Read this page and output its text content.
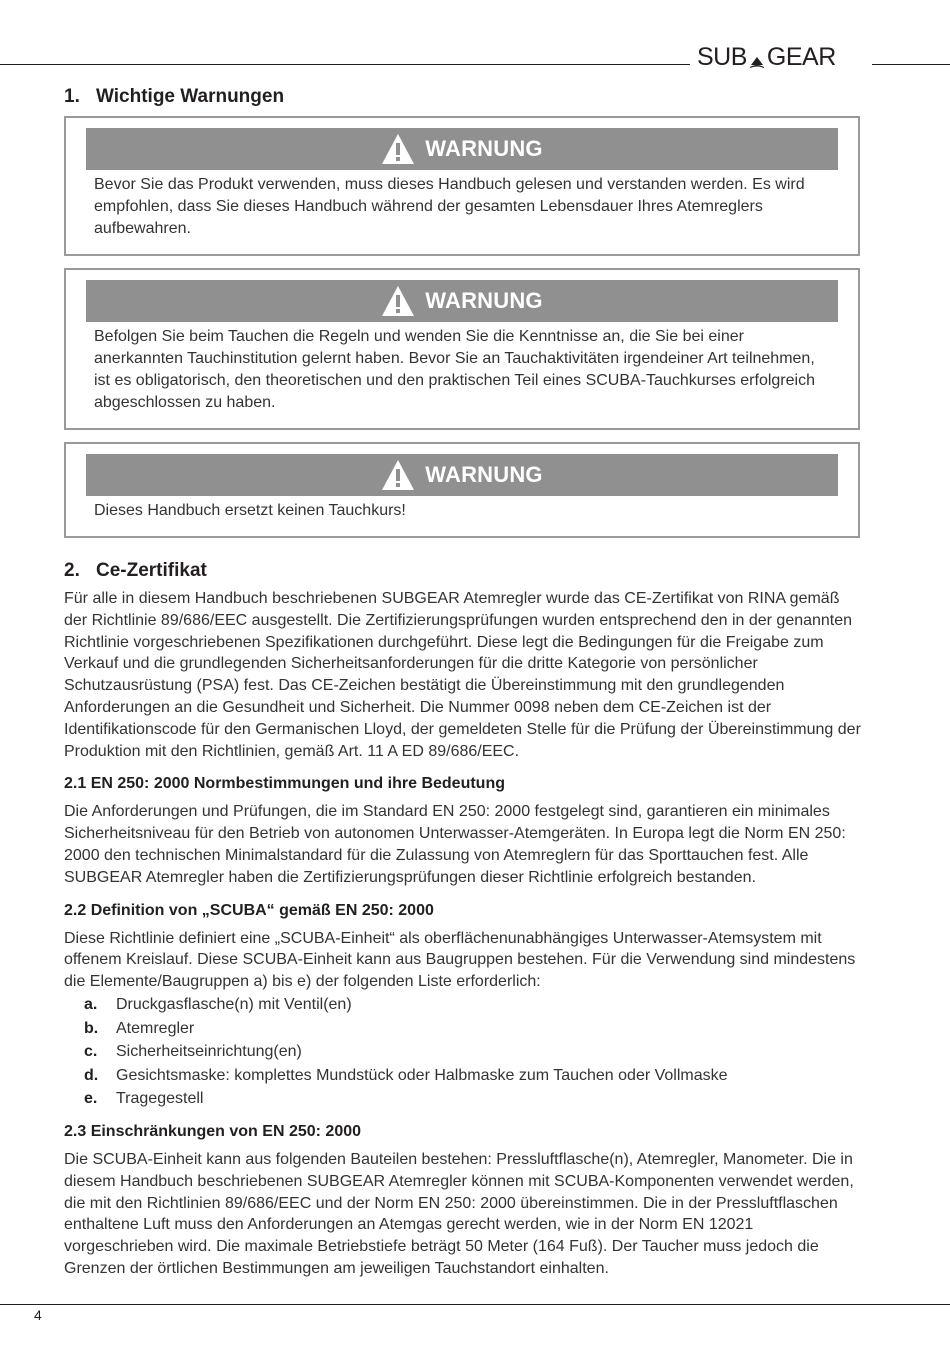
SUB GEAR
1. Wichtige Warnungen
WARNUNG
Bevor Sie das Produkt verwenden, muss dieses Handbuch gelesen und verstanden werden. Es wird empfohlen, dass Sie dieses Handbuch während der gesamten Lebensdauer Ihres Atemreglers aufbewahren.
WARNUNG
Befolgen Sie beim Tauchen die Regeln und wenden Sie die Kenntnisse an, die Sie bei einer anerkannten Tauchinstitution gelernt haben. Bevor Sie an Tauchaktivitäten irgendeiner Art teilnehmen, ist es obligatorisch, den theoretischen und den praktischen Teil eines SCUBA-Tauchkurses erfolgreich abgeschlossen zu haben.
WARNUNG
Dieses Handbuch ersetzt keinen Tauchkurs!
2. Ce-Zertifikat

Für alle in diesem Handbuch beschriebenen SUBGEAR Atemregler wurde das CE-Zertifikat von RINA gemäß der Richtlinie 89/686/EEC ausgestellt. Die Zertifizierungsprüfungen wurden entsprechend den in der genannten Richtlinie vorgeschriebenen Spezifikationen durchgeführt. Diese legt die Bedingungen für die Freigabe zum Verkauf und die grundlegenden Sicherheitsanforderungen für die dritte Kategorie von persönlicher Schutzausrüstung (PSA) fest. Das CE-Zeichen bestätigt die Übereinstimmung mit den grundlegenden Anforderungen an die Gesundheit und Sicherheit. Die Nummer 0098 neben dem CE-Zeichen ist der Identifikationscode für den Germanischen Lloyd, der gemeldeten Stelle für die Prüfung der Übereinstimmung der Produktion mit den Richtlinien, gemäß Art. 11 A ED 89/686/EEC.

2.1 EN 250: 2000 Normbestimmungen und ihre Bedeutung

Die Anforderungen und Prüfungen, die im Standard EN 250: 2000 festgelegt sind, garantieren ein minimales Sicherheitsniveau für den Betrieb von autonomen Unterwasser-Atemgeräten. In Europa legt die Norm EN 250: 2000 den technischen Minimalstandard für die Zulassung von Atemreglern für das Sporttauchen fest. Alle SUBGEAR Atemregler haben die Zertifizierungsprüfungen dieser Richtlinie erfolgreich bestanden.

2.2 Definition von „SCUBA“ gemäß EN 250: 2000

Diese Richtlinie definiert eine „SCUBA-Einheit“ als oberflächenunabhängiges Unterwasser-Atemsystem mit offenem Kreislauf. Diese SCUBA-Einheit kann aus Baugruppen bestehen. Für die Verwendung sind mindestens die Elemente/Baugruppen a) bis e) der folgenden Liste erforderlich:

a.	Druckgasflasche(n) mit Ventil(en)
b.	Atemregler
c.	Sicherheitseinrichtung(en)
d.	Gesichtsmaske: komplettes Mundstück oder Halbmaske zum Tauchen oder Vollmaske
e.	Tragegestell
2.3 Einschränkungen von EN 250: 2000

Die SCUBA-Einheit kann aus folgenden Bauteilen bestehen: Pressluftflasche(n), Atemregler, Manometer. Die in diesem Handbuch beschriebenen SUBGEAR Atemregler können mit SCUBA-Komponenten verwendet werden, die mit den Richtlinien 89/686/EEC und der Norm EN 250: 2000 übereinstimmen. Die in der Pressluftflaschen enthaltene Luft muss den Anforderungen an Atemgas gerecht werden, wie in der Norm EN 12021 vorgeschrieben wird. Die maximale Betriebstiefe beträgt 50 Meter (164 Fuß). Der Taucher muss jedoch die Grenzen der örtlichen Bestimmungen am jeweiligen Tauchstandort einhalten.

4
